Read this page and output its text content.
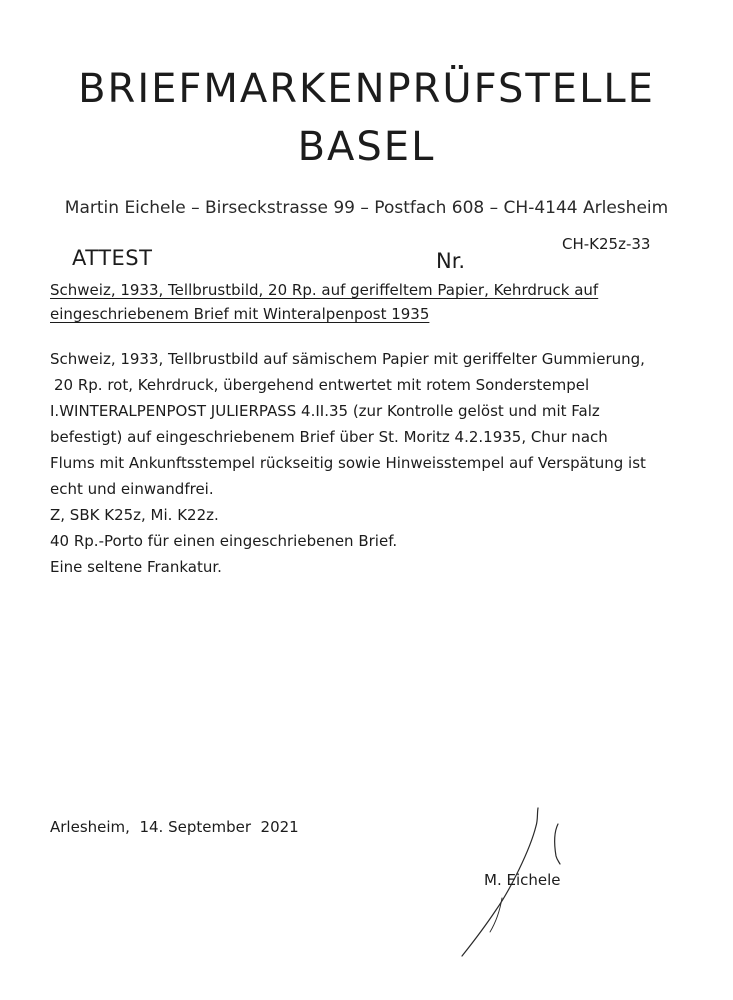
BRIEFMARKENPRÜFSTELLE
BASEL
Martin Eichele – Birseckstrasse 99 – Postfach 608 – CH-4144 Arlesheim
ATTEST	Nr.
CH-K25z-33
Schweiz, 1933, Tellbrustbild, 20 Rp. auf geriffeltem Papier, Kehrdruck auf
eingeschriebenem Brief mit Winteralpenpost 1935

Schweiz, 1933, Tellbrustbild auf sämischem Papier mit geriffelter Gummierung,

20 Rp. rot, Kehrdruck, übergehend entwertet mit rotem Sonderstempel

I.WINTERALPENPOST JULIERPASS 4.II.35 (zur Kontrolle gelöst und mit Falz

befestigt) auf eingeschriebenem Brief über St. Moritz 4.2.1935, Chur nach

Flums mit Ankunftsstempel rückseitig sowie Hinweisstempel auf Verspätung ist

echt und einwandfrei.

Z, SBK K25z, Mi. K22z.

40 Rp.-Porto für einen eingeschriebenen Brief.

Eine seltene Frankatur.

Arlesheim,  14. September  2021
M. Eichele
